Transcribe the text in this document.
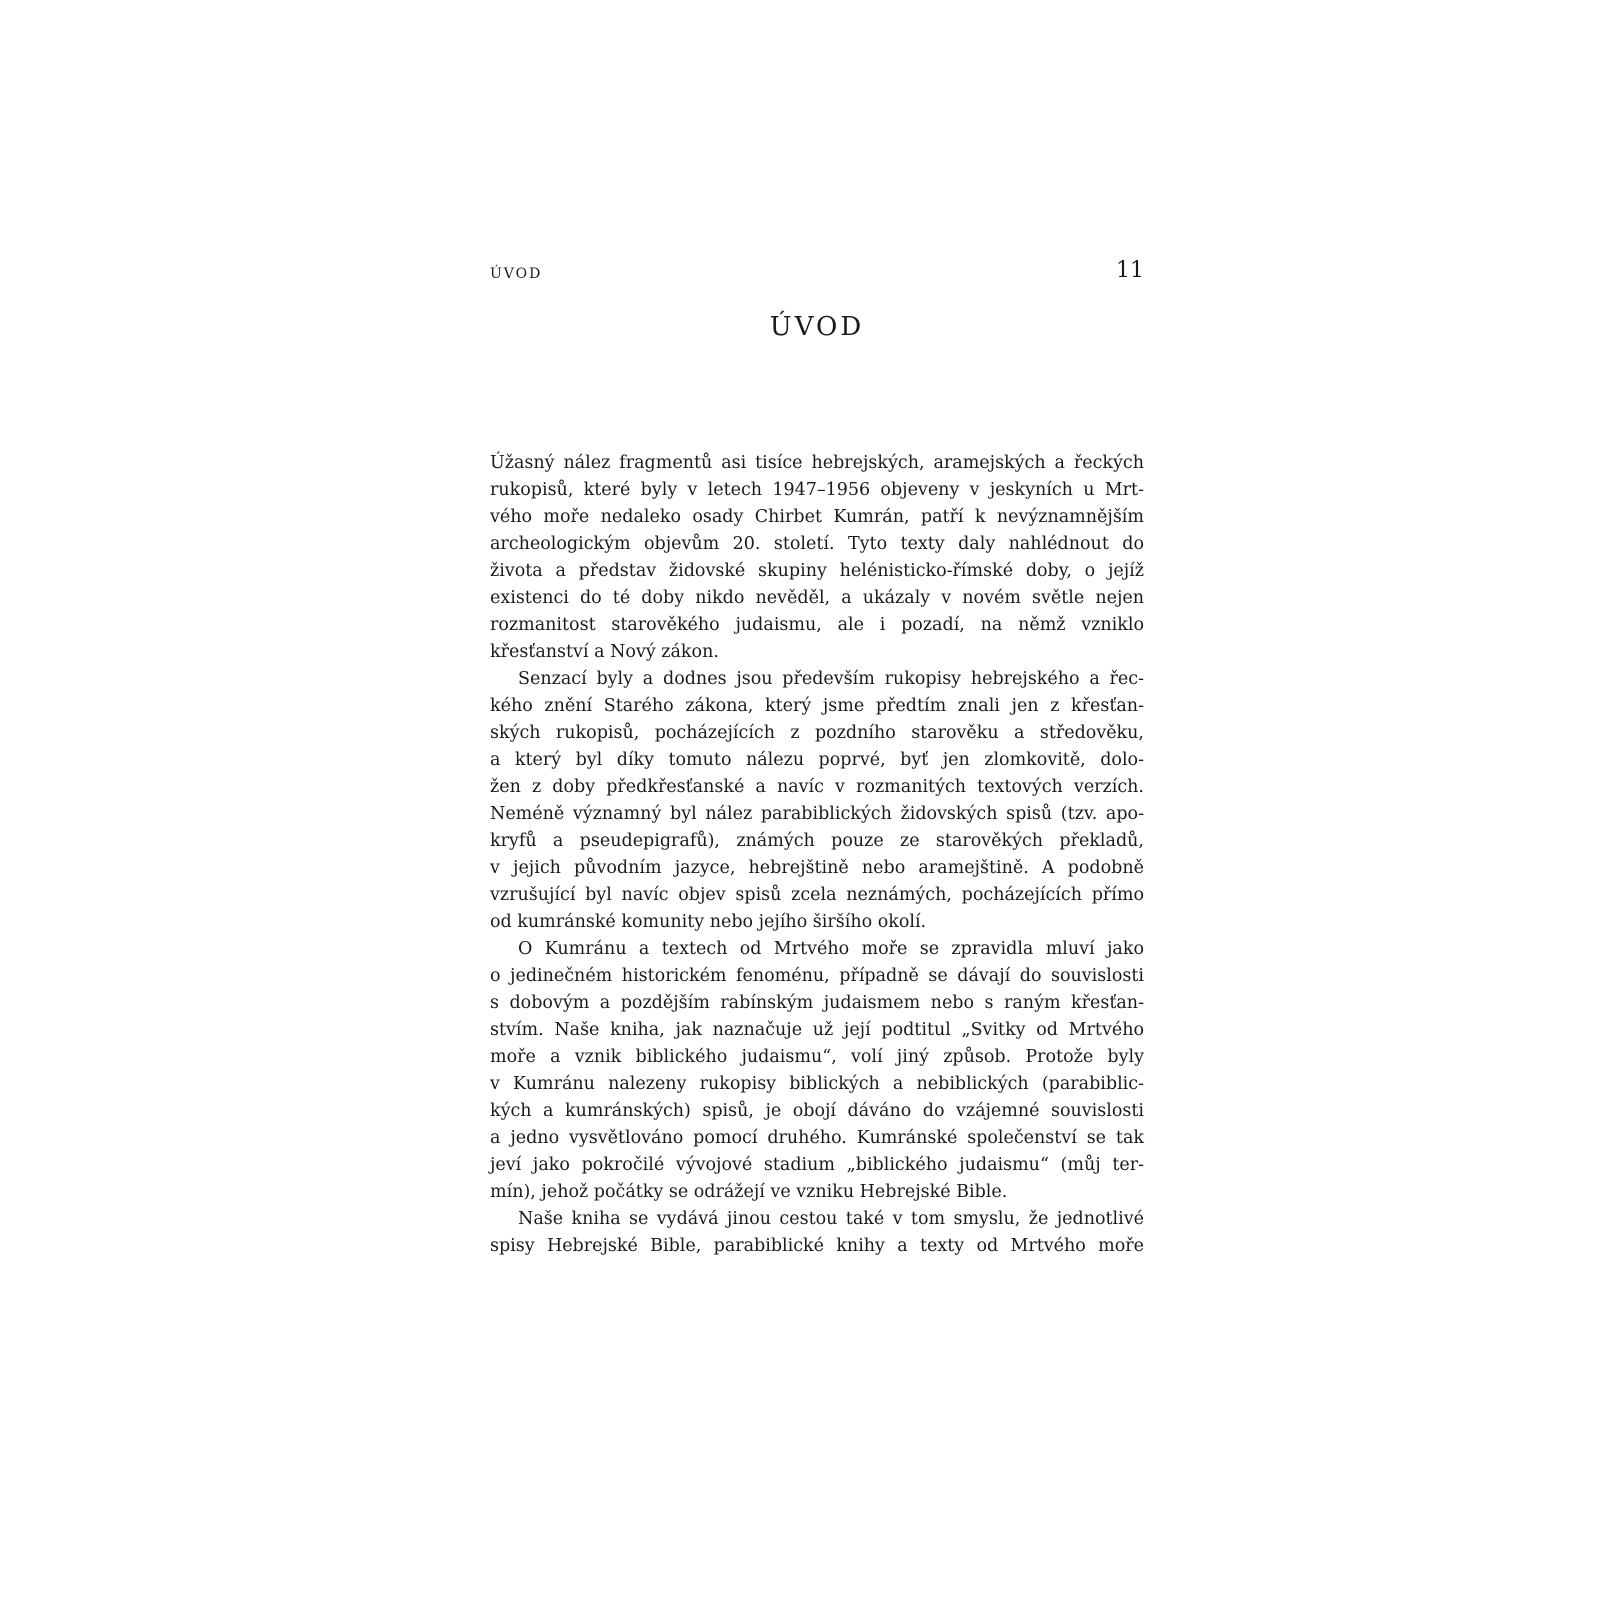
ÚVOD	11
ÚVOD
Úžasný nález fragmentů asi tisíce hebrejských, aramejských a řeckých
rukopisů, které byly v letech 1947–1956 objeveny v jeskyních u Mrt-
vého moře nedaleko osady Chirbet Kumrán, patří k nevýznamnějším
archeologickým objevům 20. století. Tyto texty daly nahlédnout do
života a představ židovské skupiny helénisticko-římské doby, o jejíž
existenci do té doby nikdo nevěděl, a ukázaly v novém světle nejen
rozmanitost starověkého judaismu, ale i pozadí, na němž vzniklo
křesťanství a Nový zákon.
Senzací byly a dodnes jsou především rukopisy hebrejského a řec-
kého znění Starého zákona, který jsme předtím znali jen z křesťan-
ských rukopisů, pocházejících z pozdního starověku a středověku,
a který byl díky tomuto nálezu poprvé, byť jen zlomkovitě, dolo-
žen z doby předkřesťanské a navíc v rozmanitých textových verzích.
Neméně významný byl nález parabiblických židovských spisů (tzv. apo-
kryfů a pseudepigrafů), známých pouze ze starověkých překladů,
v jejich původním jazyce, hebrejštině nebo aramejštině. A podobně
vzrušující byl navíc objev spisů zcela neznámých, pocházejících přímo
od kumránské komunity nebo jejího širšího okolí.
O Kumránu a textech od Mrtvého moře se zpravidla mluví jako
o jedinečném historickém fenoménu, případně se dávají do souvislosti
s dobovým a pozdějším rabínským judaismem nebo s raným křesťan-
stvím. Naše kniha, jak naznačuje už její podtitul „Svitky od Mrtvého
moře a vznik biblického judaismu“, volí jiný způsob. Protože byly
v Kumránu nalezeny rukopisy biblických a nebiblických (parabiblic-
kých a kumránských) spisů, je obojí dáváno do vzájemné souvislosti
a jedno vysvětlováno pomocí druhého. Kumránské společenství se tak
jeví jako pokročilé vývojové stadium „biblického judaismu“ (můj ter-
mín), jehož počátky se odrážejí ve vzniku Hebrejské Bible.
Naše kniha se vydává jinou cestou také v tom smyslu, že jednotlivé
spisy Hebrejské Bible, parabiblické knihy a texty od Mrtvého moře
